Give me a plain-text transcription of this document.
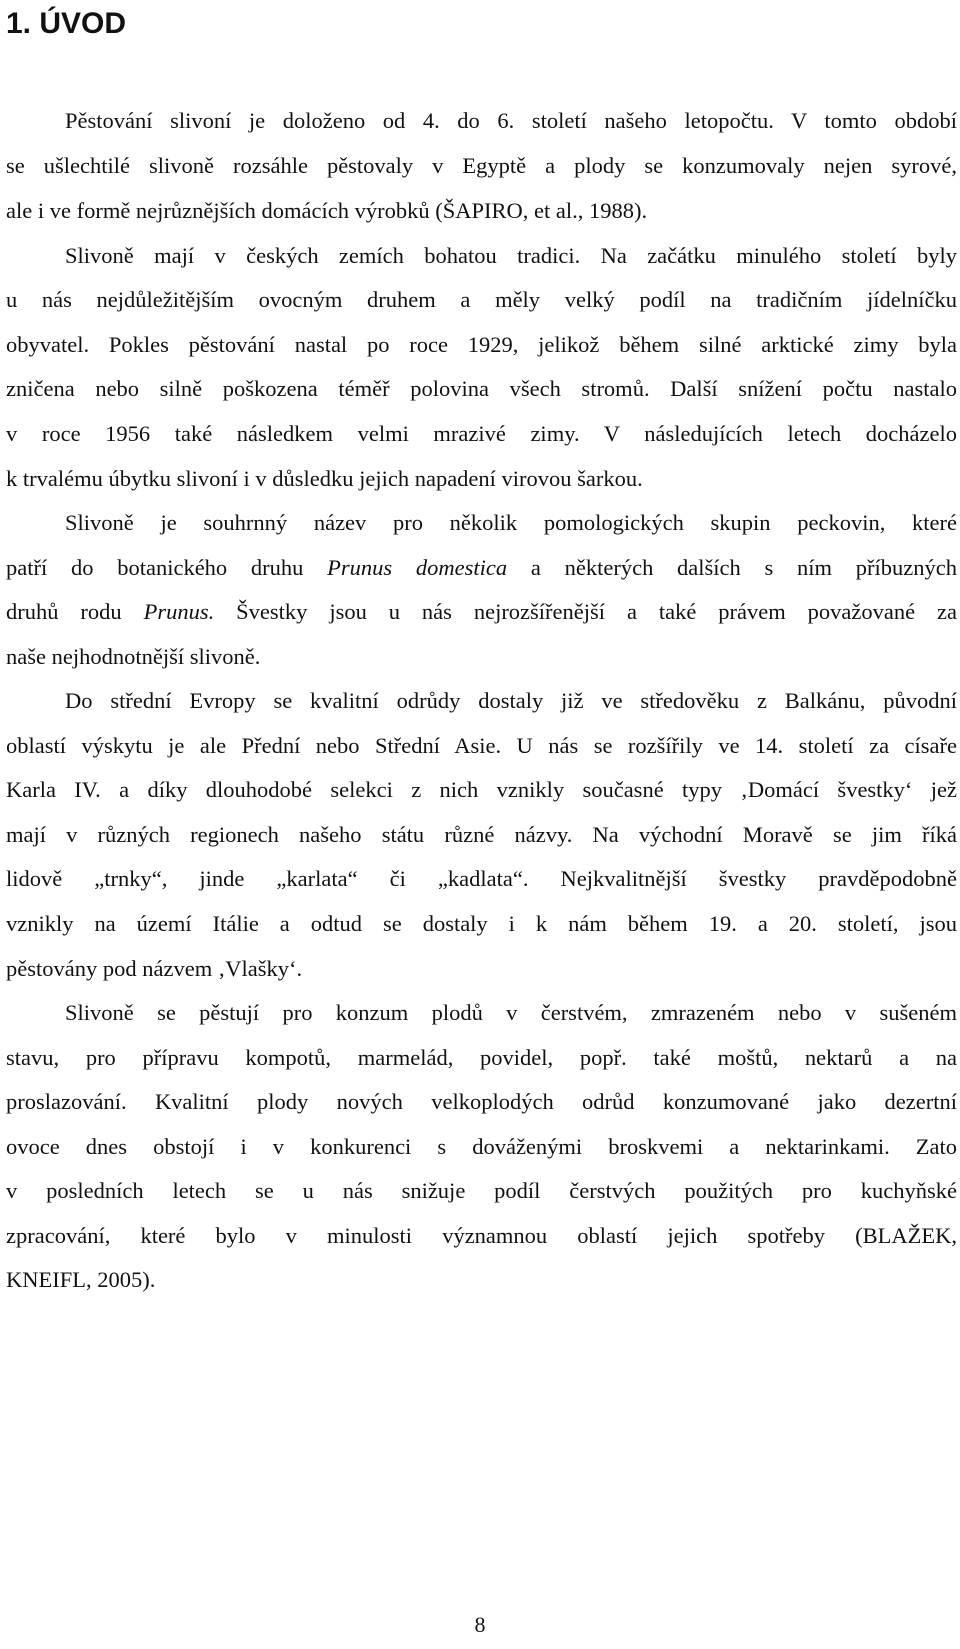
1. ÚVOD
Pěstování slivoní je doloženo od 4. do 6. století našeho letopočtu. V tomto období
se ušlechtilé slivoně rozsáhle pěstovaly v Egyptě a plody se konzumovaly nejen syrové,
ale i ve formě nejrůznějších domácích výrobků (ŠAPIRO, et al., 1988).
Slivoně mají v českých zemích bohatou tradici. Na začátku minulého století byly
u nás nejdůležitějším ovocným druhem a měly velký podíl na tradičním jídelníčku
obyvatel. Pokles pěstování nastal po roce 1929, jelikož během silné arktické zimy byla
zničena nebo silně poškozena téměř polovina všech stromů. Další snížení počtu nastalo
v roce 1956 také následkem velmi mrazivé zimy. V následujících letech docházelo
k trvalému úbytku slivoní i v důsledku jejich napadení virovou šarkou.
Slivoně je souhrnný název pro několik pomologických skupin peckovin, které
patří do botanického druhu Prunus domestica a některých dalších s ním příbuzných
druhů rodu Prunus. Švestky jsou u nás nejrozšířenější a také právem považované za
naše nejhodnotnější slivoně.
Do střední Evropy se kvalitní odrůdy dostaly již ve středověku z Balkánu, původní
oblastí výskytu je ale Přední nebo Střední Asie. U nás se rozšířily ve 14. století za císaře
Karla IV. a díky dlouhodobé selekci z nich vznikly současné typy ‚Domácí švestky‘ jež
mají v různých regionech našeho státu různé názvy. Na východní Moravě se jim říká
lidově „trnky“, jinde „karlata“ či „kadlata“. Nejkvalitnější švestky pravděpodobně
vznikly na území Itálie a odtud se dostaly i k nám během 19. a 20. století, jsou
pěstovány pod názvem ‚Vlašky‘.
Slivoně se pěstují pro konzum plodů v čerstvém, zmrazeném nebo v sušeném
stavu, pro přípravu kompotů, marmelád, povidel, popř. také moštů, nektarů a na
proslazování. Kvalitní plody nových velkoplodých odrůd konzumované jako dezertní
ovoce dnes obstojí i v konkurenci s dováženými broskvemi a nektarinkami. Zato
v posledních letech se u nás snižuje podíl čerstvých použitých pro kuchyňské
zpracování, které bylo v minulosti významnou oblastí jejich spotřeby (BLAŽEK,
KNEIFL, 2005).
8
